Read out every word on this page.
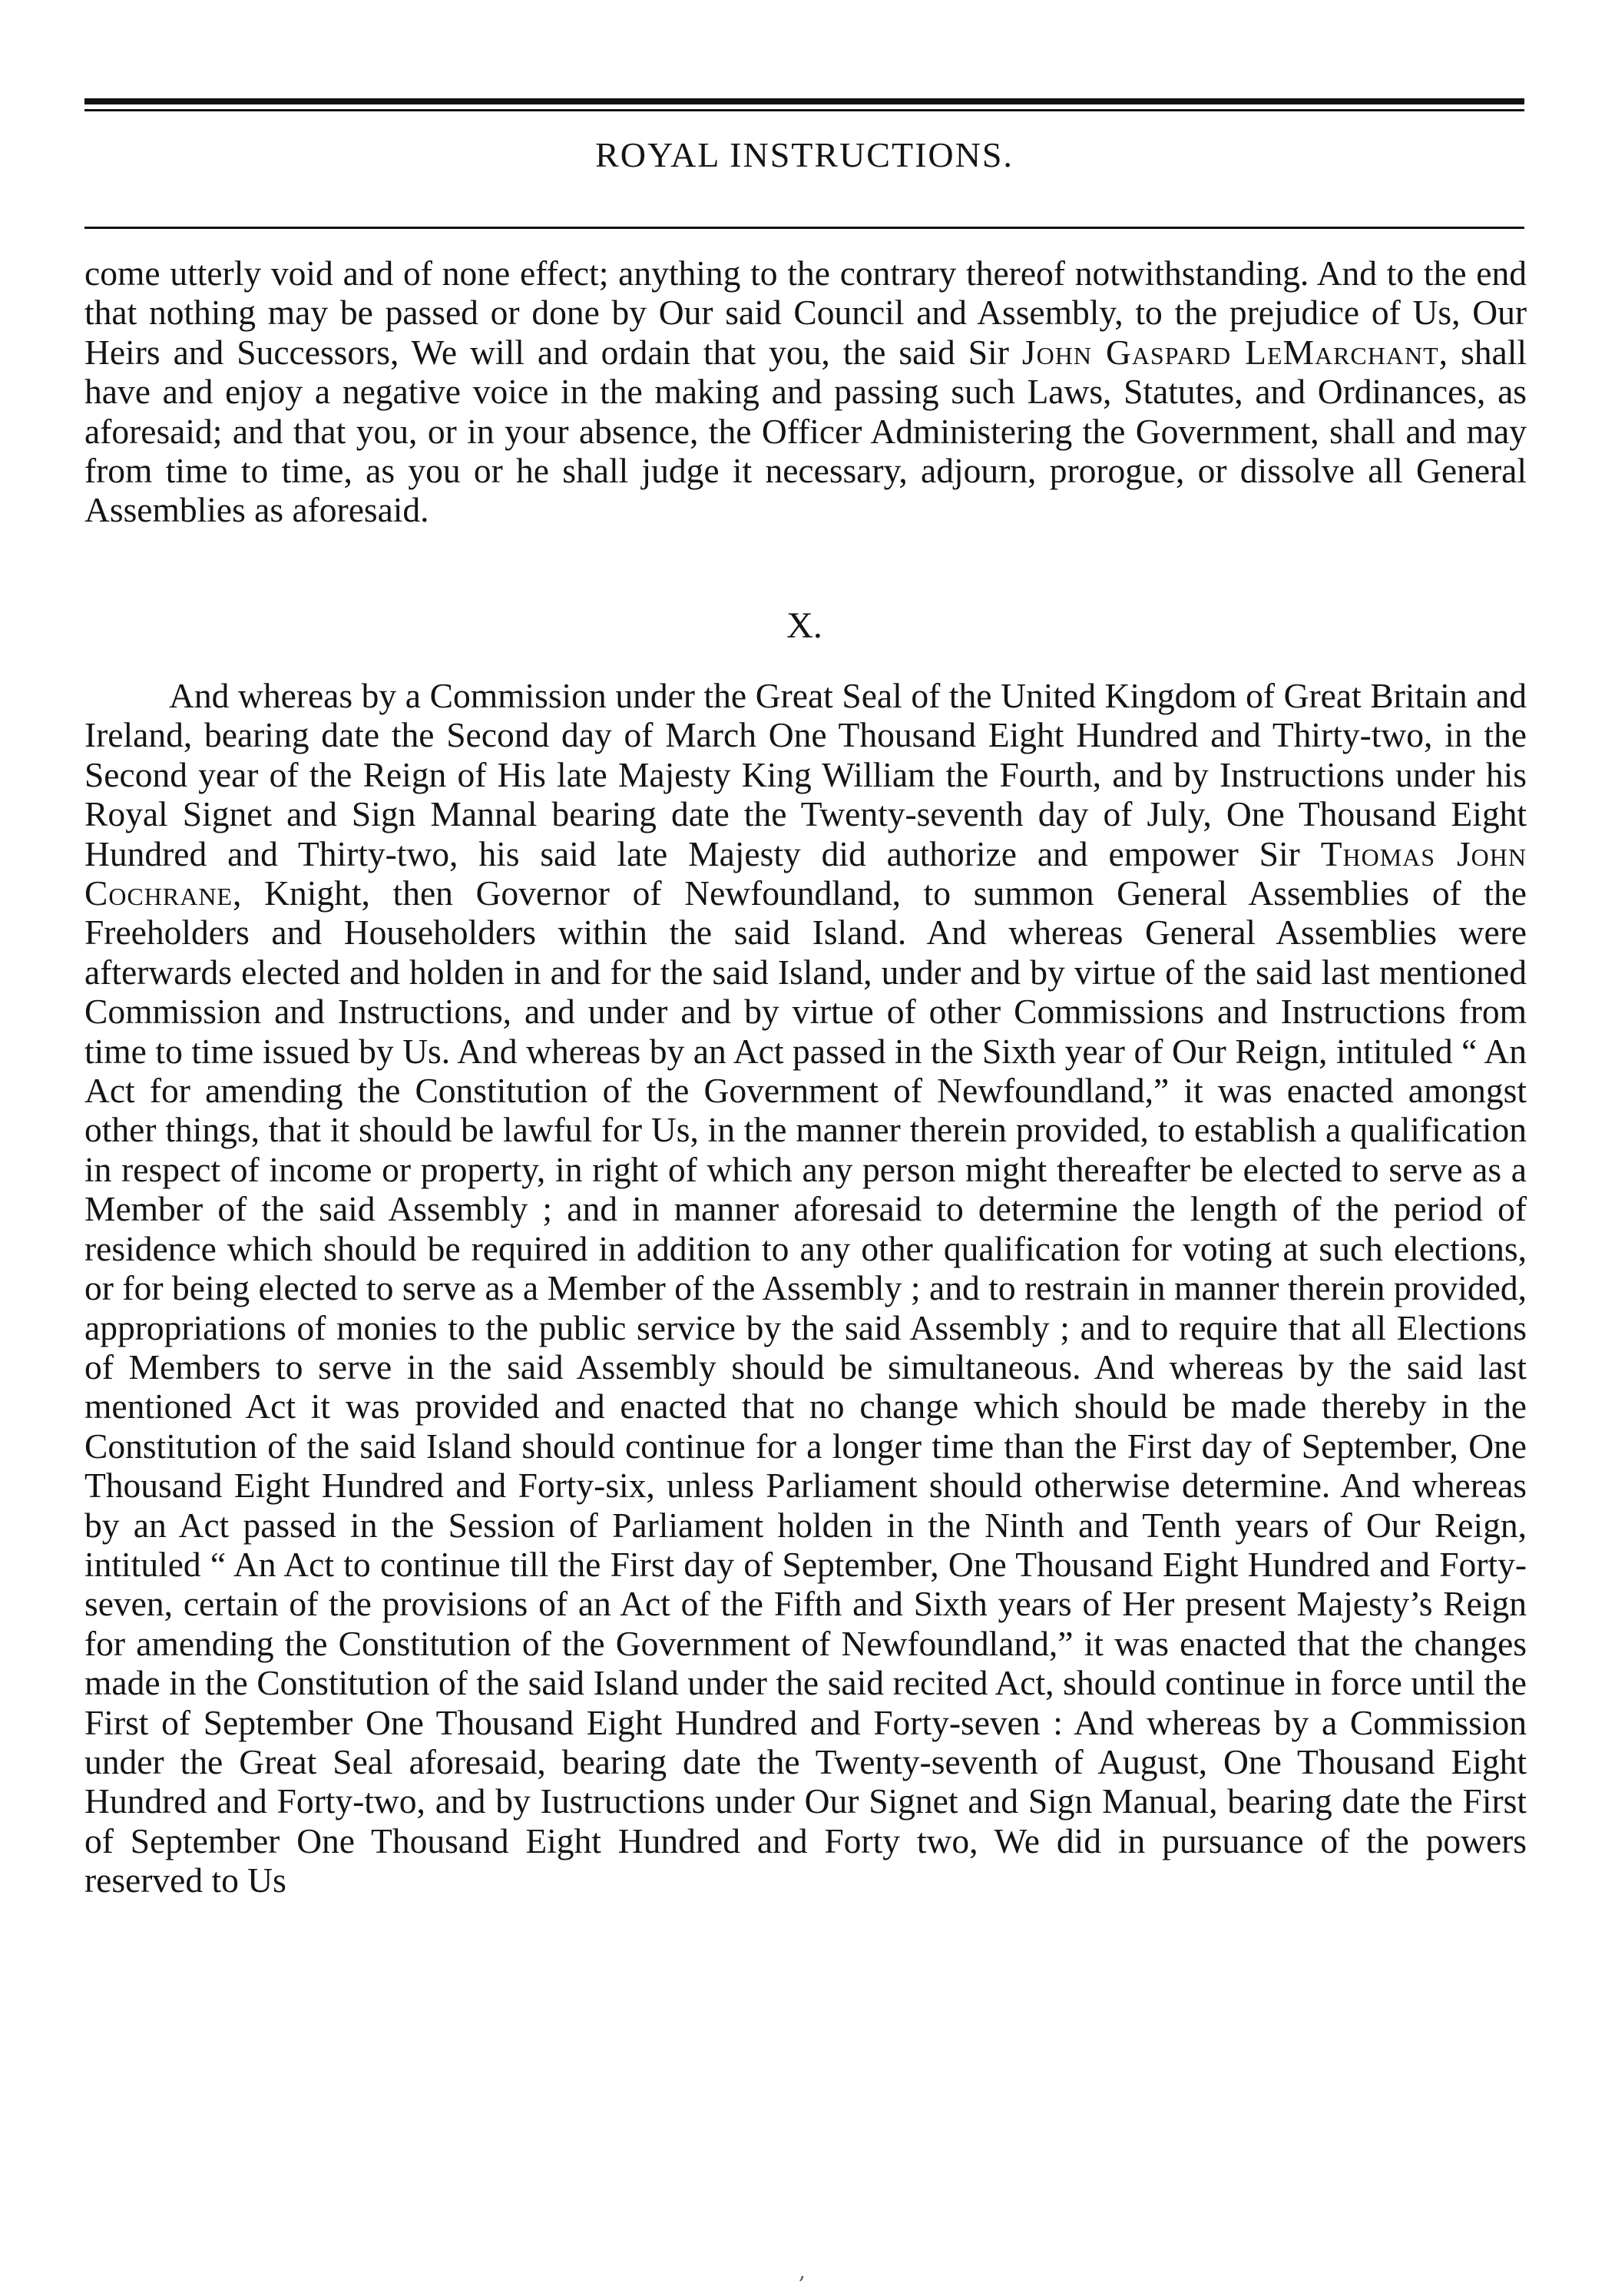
ROYAL INSTRUCTIONS.

come utterly void and of none effect; anything to the contrary thereof notwithstanding. And to the end that nothing may be passed or done by Our said Council and Assembly, to the prejudice of Us, Our Heirs and Successors, We will and ordain that you, the said Sir John Gaspard LeMarchant, shall have and enjoy a negative voice in the making and passing such Laws, Statutes, and Ordinances, as aforesaid; and that you, or in your absence, the Officer Administering the Government, shall and may from time to time, as you or he shall judge it necessary, adjourn, prorogue, or dissolve all General Assemblies as aforesaid.

X.

And whereas by a Commission under the Great Seal of the United Kingdom of Great Britain and Ireland, bearing date the Second day of March One Thousand Eight Hundred and Thirty-two, in the Second year of the Reign of His late Majesty King William the Fourth, and by Instructions under his Royal Signet and Sign Mannal bearing date the Twenty-seventh day of July, One Thousand Eight Hundred and Thirty-two, his said late Majesty did authorize and empower Sir Thomas John Cochrane, Knight, then Governor of Newfoundland, to summon General Assemblies of the Freeholders and Householders within the said Island. And whereas General Assemblies were afterwards elected and holden in and for the said Island, under and by virtue of the said last mentioned Commission and Instructions, and under and by virtue of other Commissions and Instructions from time to time issued by Us. And whereas by an Act passed in the Sixth year of Our Reign, intituled “ An Act for amending the Constitution of the Government of Newfoundland,” it was enacted amongst other things, that it should be lawful for Us, in the manner therein provided, to establish a qualification in respect of income or property, in right of which any person might thereafter be elected to serve as a Member of the said Assembly ; and in manner aforesaid to determine the length of the period of residence which should be required in addition to any other qualification for voting at such elections, or for being elected to serve as a Member of the Assembly ; and to restrain in manner therein provided, appropriations of monies to the public service by the said Assembly ; and to require that all Elections of Members to serve in the said Assembly should be simultaneous. And whereas by the said last mentioned Act it was provided and enacted that no change which should be made thereby in the Constitution of the said Island should continue for a longer time than the First day of September, One Thousand Eight Hundred and Forty-six, unless Parliament should otherwise determine. And whereas by an Act passed in the Session of Parliament holden in the Ninth and Tenth years of Our Reign, intituled “ An Act to continue till the First day of September, One Thousand Eight Hundred and Forty-seven, certain of the provisions of an Act of the Fifth and Sixth years of Her present Majesty’s Reign for amending the Constitution of the Government of Newfoundland,” it was enacted that the changes made in the Constitution of the said Island under the said recited Act, should continue in force until the First of September One Thousand Eight Hundred and Forty-seven : And whereas by a Commission under the Great Seal aforesaid, bearing date the Twenty-seventh of August, One Thousand Eight Hundred and Forty-two, and by Iustructions under Our Signet and Sign Manual, bearing date the First of September One Thousand Eight Hundred and Forty two, We did in pursuance of the powers reserved to Us

,
